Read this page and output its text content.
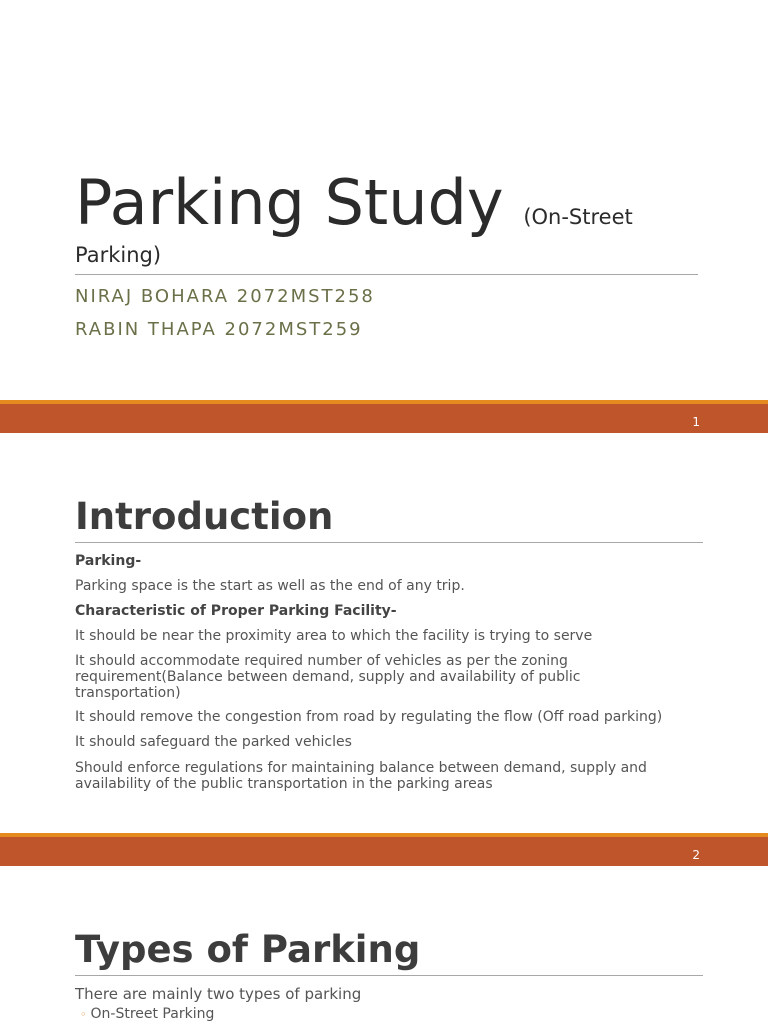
Parking Study (On-Street
Parking)
NIRAJ BOHARA 2072MST258
RABIN THAPA 2072MST259
1
Introduction
Parking-
Parking space is the start as well as the end of any trip.
Characteristic of Proper Parking Facility-
It should be near the proximity area to which the facility is trying to serve
It should accommodate required number of vehicles as per the zoning requirement(Balance between demand, supply and availability of public transportation)
It should remove the congestion from road by regulating the flow (Off road parking)
It should safeguard the parked vehicles
Should enforce regulations for maintaining balance between demand, supply and availability of the public transportation in the parking areas
2
Types of Parking
There are mainly two types of parking
◦ On-Street Parking
